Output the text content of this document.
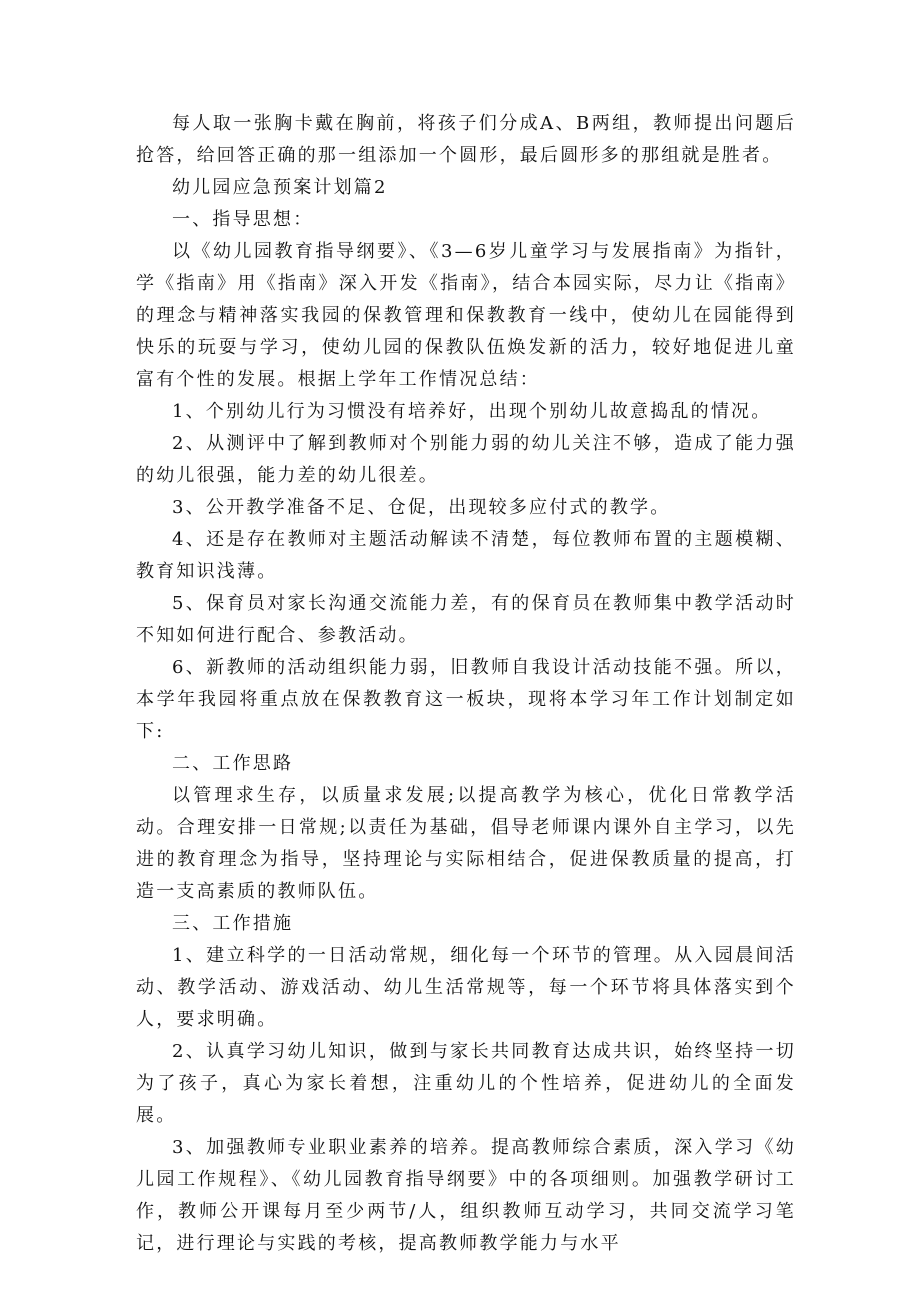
每人取一张胸卡戴在胸前，将孩子们分成A、B两组，教师提出问题后抢答，给回答正确的那一组添加一个圆形，最后圆形多的那组就是胜者。

幼儿园应急预案计划篇2

一、指导思想：

以《幼儿园教育指导纲要》、《3—6岁儿童学习与发展指南》为指针，学《指南》用《指南》深入开发《指南》，结合本园实际，尽力让《指南》的理念与精神落实我园的保教管理和保教教育一线中，使幼儿在园能得到快乐的玩耍与学习，使幼儿园的保教队伍焕发新的活力，较好地促进儿童富有个性的发展。根据上学年工作情况总结：

1、个别幼儿行为习惯没有培养好，出现个别幼儿故意捣乱的情况。

2、从测评中了解到教师对个别能力弱的幼儿关注不够，造成了能力强的幼儿很强，能力差的幼儿很差。

3、公开教学准备不足、仓促，出现较多应付式的教学。

4、还是存在教师对主题活动解读不清楚，每位教师布置的主题模糊、教育知识浅薄。

5、保育员对家长沟通交流能力差，有的保育员在教师集中教学活动时不知如何进行配合、参教活动。

6、新教师的活动组织能力弱，旧教师自我设计活动技能不强。所以，本学年我园将重点放在保教教育这一板块，现将本学习年工作计划制定如下:

二、工作思路

以管理求生存，以质量求发展;以提高教学为核心，优化日常教学活动。合理安排一日常规;以责任为基础，倡导老师课内课外自主学习，以先进的教育理念为指导，坚持理论与实际相结合，促进保教质量的提高，打造一支高素质的教师队伍。

三、工作措施

1、建立科学的一日活动常规，细化每一个环节的管理。从入园晨间活动、教学活动、游戏活动、幼儿生活常规等，每一个环节将具体落实到个人，要求明确。

2、认真学习幼儿知识，做到与家长共同教育达成共识，始终坚持一切为了孩子，真心为家长着想，注重幼儿的个性培养，促进幼儿的全面发展。

3、加强教师专业职业素养的培养。提高教师综合素质，深入学习《幼儿园工作规程》、《幼儿园教育指导纲要》中的各项细则。加强教学研讨工作，教师公开课每月至少两节/人，组织教师互动学习，共同交流学习笔记，进行理论与实践的考核，提高教师教学能力与水平
